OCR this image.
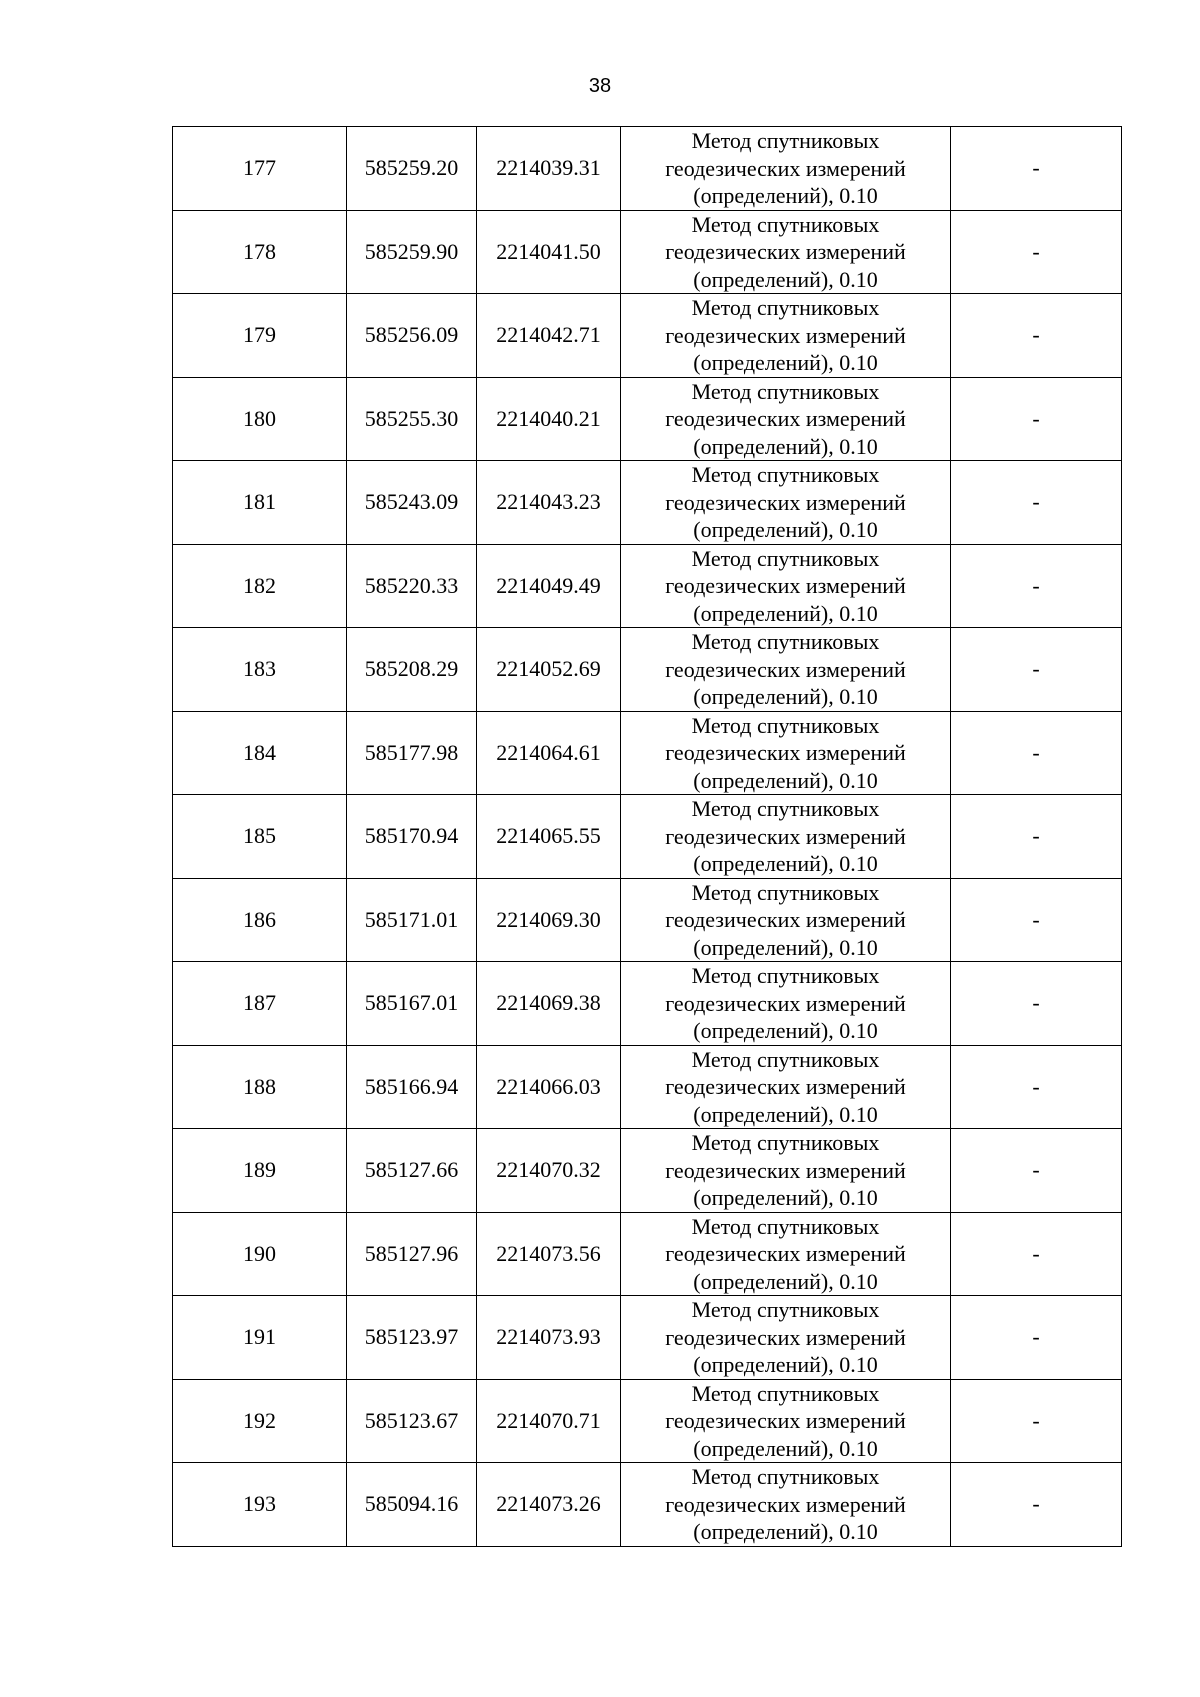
38
177	585259.20	2214039.31	Метод спутниковых
геодезических измерений
(определений), 0.10	-
178	585259.90	2214041.50	Метод спутниковых
геодезических измерений
(определений), 0.10	-
179	585256.09	2214042.71	Метод спутниковых
геодезических измерений
(определений), 0.10	-
180	585255.30	2214040.21	Метод спутниковых
геодезических измерений
(определений), 0.10	-
181	585243.09	2214043.23	Метод спутниковых
геодезических измерений
(определений), 0.10	-
182	585220.33	2214049.49	Метод спутниковых
геодезических измерений
(определений), 0.10	-
183	585208.29	2214052.69	Метод спутниковых
геодезических измерений
(определений), 0.10	-
184	585177.98	2214064.61	Метод спутниковых
геодезических измерений
(определений), 0.10	-
185	585170.94	2214065.55	Метод спутниковых
геодезических измерений
(определений), 0.10	-
186	585171.01	2214069.30	Метод спутниковых
геодезических измерений
(определений), 0.10	-
187	585167.01	2214069.38	Метод спутниковых
геодезических измерений
(определений), 0.10	-
188	585166.94	2214066.03	Метод спутниковых
геодезических измерений
(определений), 0.10	-
189	585127.66	2214070.32	Метод спутниковых
геодезических измерений
(определений), 0.10	-
190	585127.96	2214073.56	Метод спутниковых
геодезических измерений
(определений), 0.10	-
191	585123.97	2214073.93	Метод спутниковых
геодезических измерений
(определений), 0.10	-
192	585123.67	2214070.71	Метод спутниковых
геодезических измерений
(определений), 0.10	-
193	585094.16	2214073.26	Метод спутниковых
геодезических измерений
(определений), 0.10	-
